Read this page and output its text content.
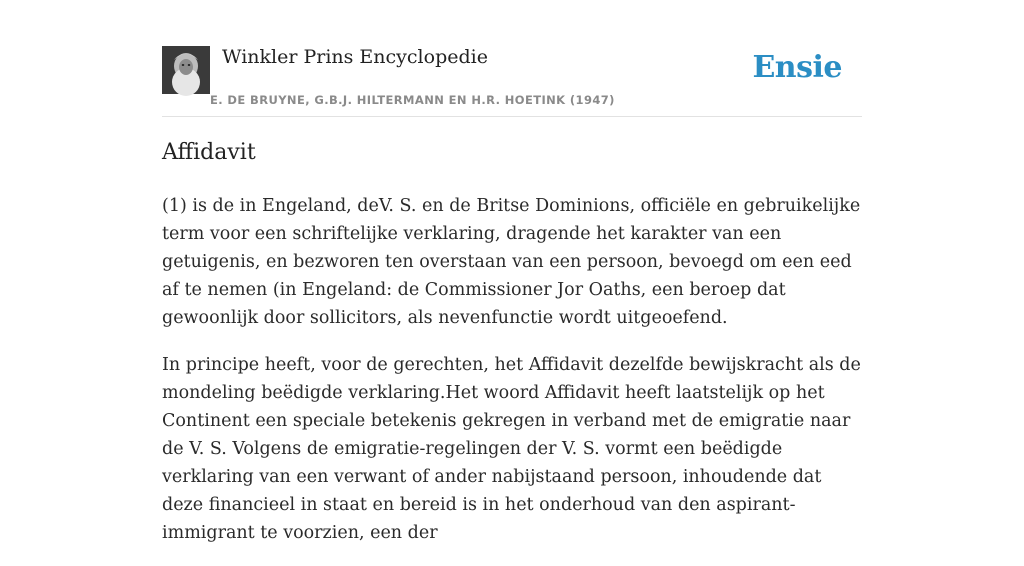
Winkler Prins Encyclopedie
E. DE BRUYNE, G.B.J. HILTERMANN EN H.R. HOETINK (1947)
Ensie
Affidavit

(1) is de in Engeland, deV. S. en de Britse Dominions, officiële en gebruikelijke term voor een schriftelijke verklaring, dragende het karakter van een getuigenis, en bezworen ten overstaan van een persoon, bevoegd om een eed af te nemen (in Engeland: de Commissioner Jor Oaths, een beroep dat gewoonlijk door sollicitors, als nevenfunctie wordt uitgeoefend.

In principe heeft, voor de gerechten, het Affidavit dezelfde bewijskracht als de mondeling beëdigde verklaring.Het woord Affidavit heeft laatstelijk op het Continent een speciale betekenis gekregen in verband met de emigratie naar de V. S. Volgens de emigratie-regelingen der V. S. vormt een beëdigde verklaring van een verwant of ander nabijstaand persoon, inhoudende dat deze financieel in staat en bereid is in het onderhoud van den aspirant-immigrant te voorzien, een der
